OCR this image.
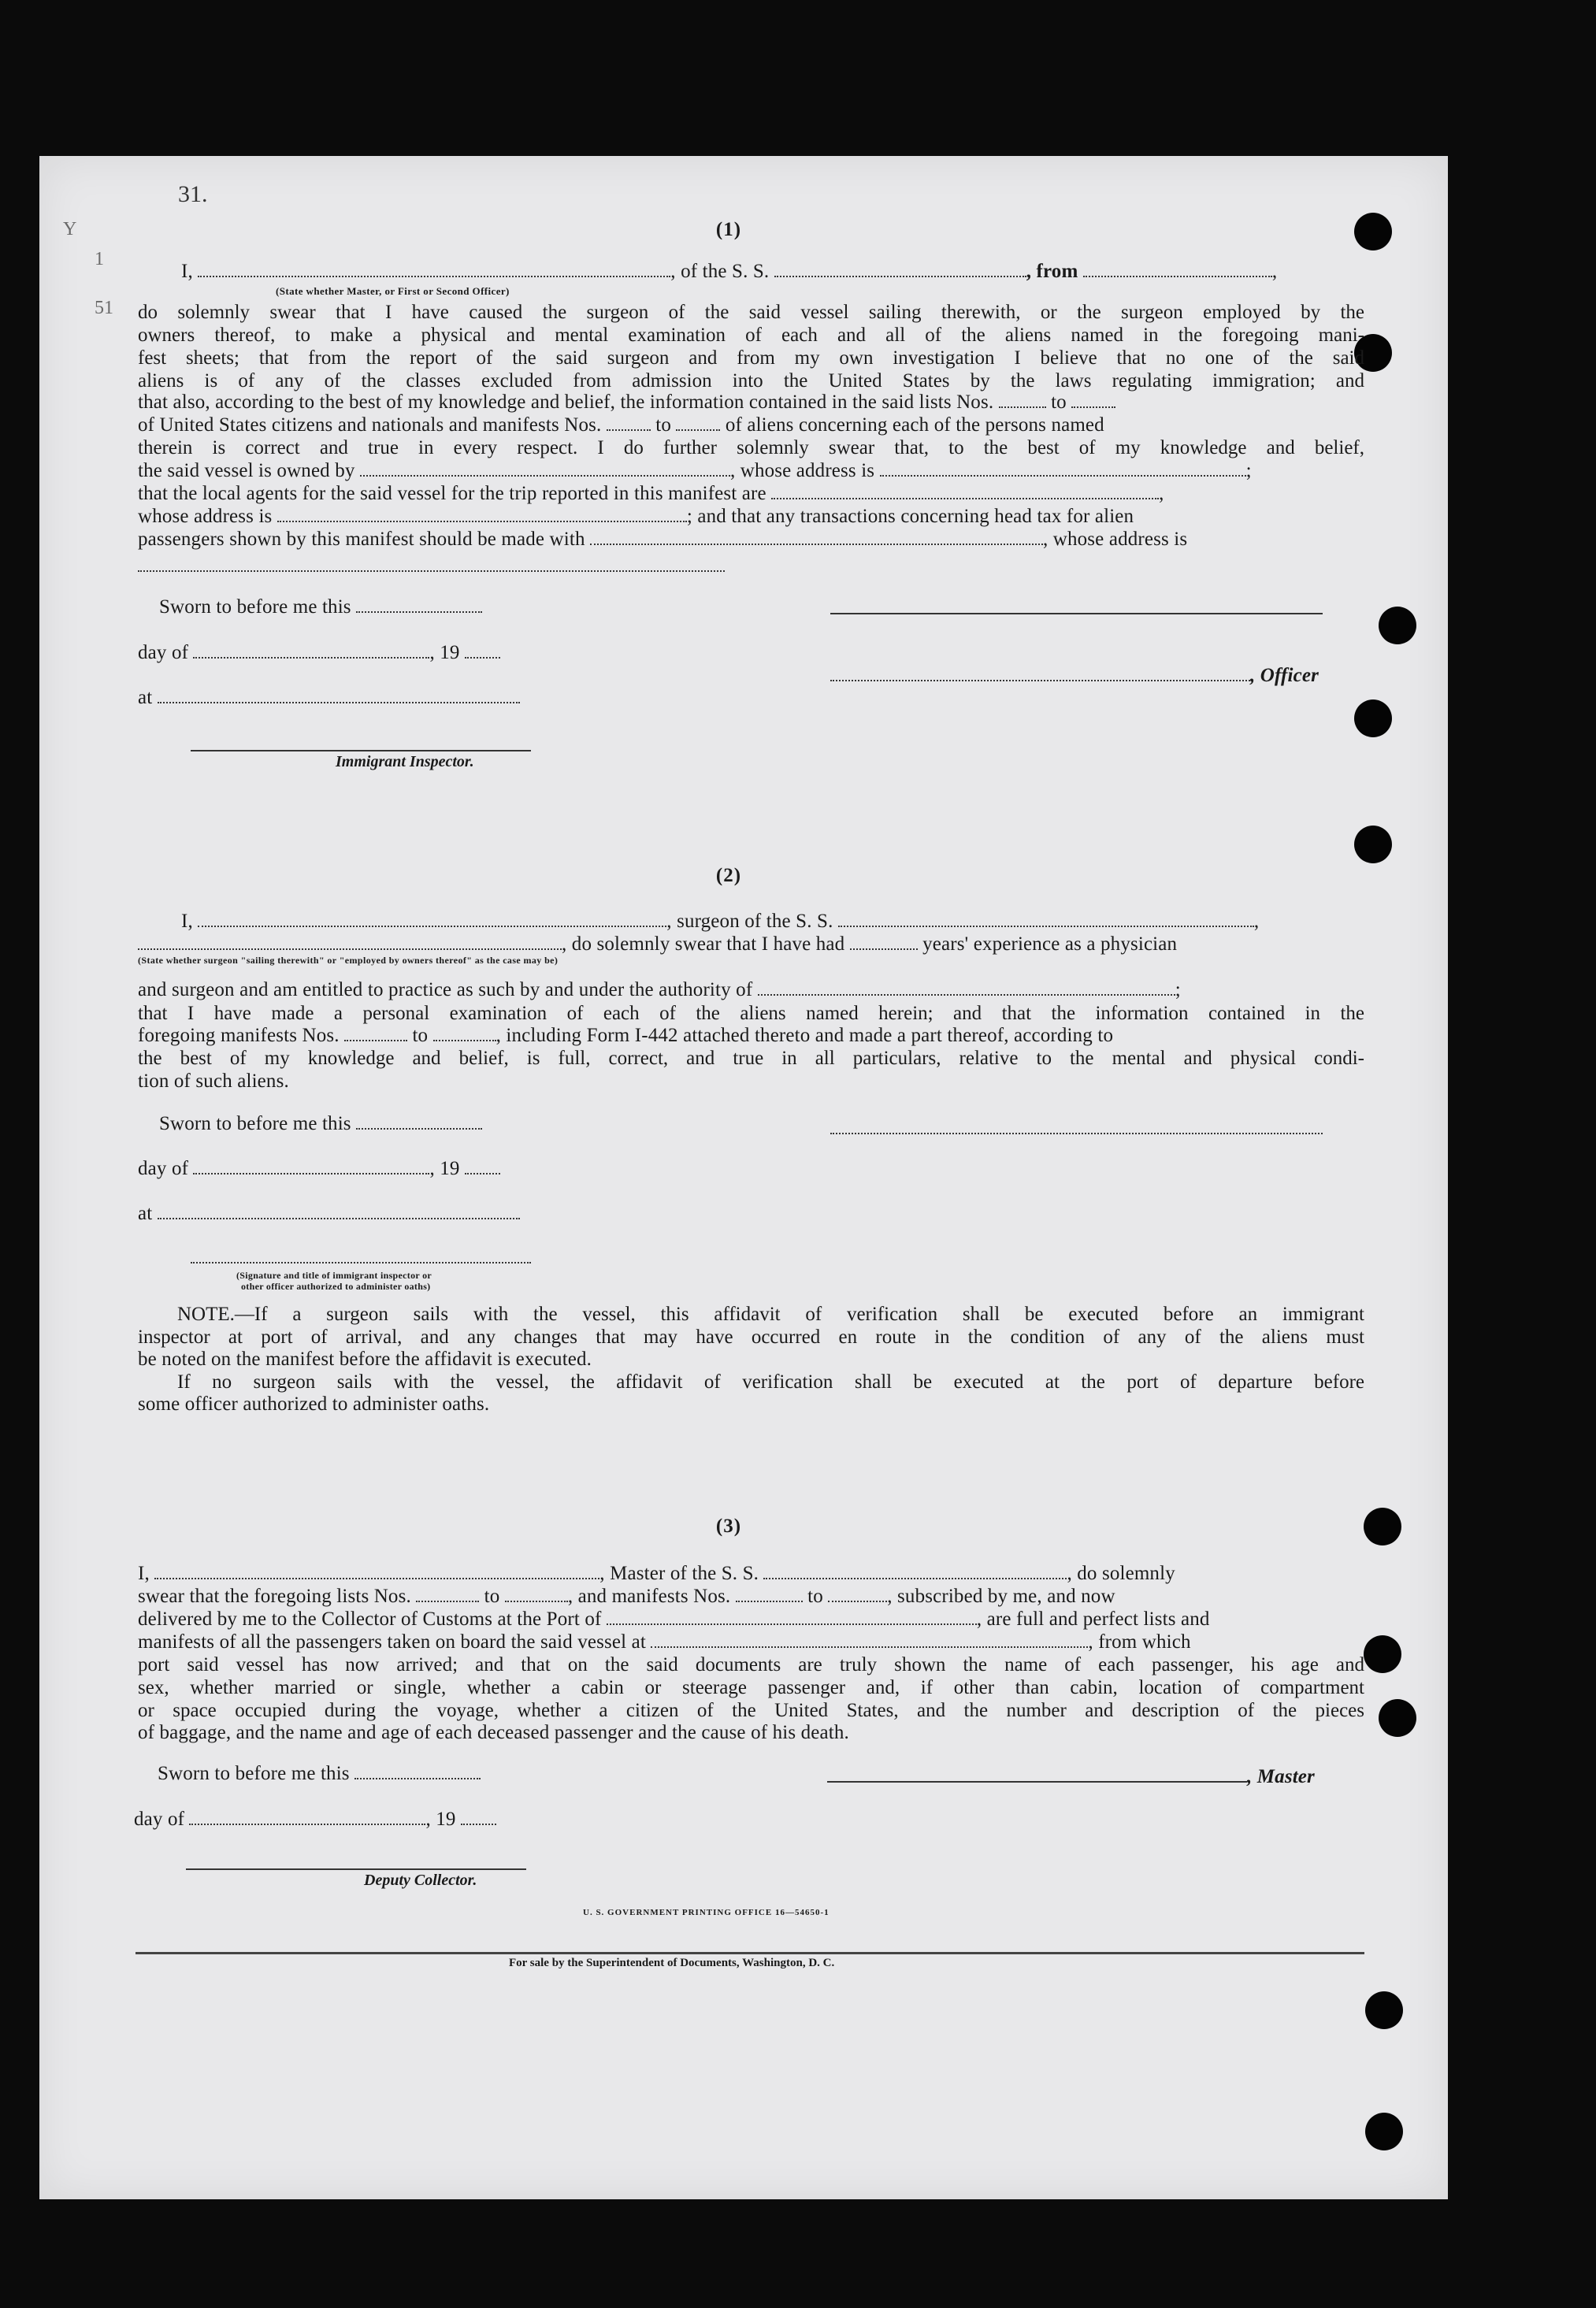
31.
Y
1
51
(1)
I,	, of the S. S.	, from	,
(State whether Master, or First or Second Officer)
do solemnly swear that I have caused the surgeon of the said vessel sailing therewith, or the surgeon employed by the
owners thereof, to make a physical and mental examination of each and all of the aliens named in the foregoing mani-
fest sheets; that from the report of the said surgeon and from my own investigation I believe that no one of the said
aliens is of any of the classes excluded from admission into the United States by the laws regulating immigration; and
that also, according to the best of my knowledge and belief, the information contained in the said lists Nos.	to
of United States citizens and nationals and manifests Nos.	to	of aliens concerning each of the persons named
therein is correct and true in every respect. I do further solemnly swear that, to the best of my knowledge and belief,
the said vessel is owned by	, whose address is	;
that the local agents for the said vessel for the trip reported in this manifest are	,
whose address is	; and that any transactions concerning head tax for alien
passengers shown by this manifest should be made with	, whose address is
Sworn to before me this
day of	, 19
, Officer
at
Immigrant Inspector.
(2)
I,	, surgeon of the S. S.	,
, do solemnly swear that I have had	years' experience as a physician
(State whether surgeon "sailing therewith" or "employed by owners thereof" as the case may be)
and surgeon and am entitled to practice as such by and under the authority of	;
that I have made a personal examination of each of the aliens named herein; and that the information contained in the
foregoing manifests Nos.	to	, including Form I-442 attached thereto and made a part thereof, according to
the best of my knowledge and belief, is full, correct, and true in all particulars, relative to the mental and physical condi-
tion of such aliens.
Sworn to before me this
day of	, 19
at
(Signature and title of immigrant inspector or
other officer authorized to administer oaths)
NOTE.—If a surgeon sails with the vessel, this affidavit of verification shall be executed before an immigrant
inspector at port of arrival, and any changes that may have occurred en route in the condition of any of the aliens must
be noted on the manifest before the affidavit is executed.
If no surgeon sails with the vessel, the affidavit of verification shall be executed at the port of departure before
some officer authorized to administer oaths.
(3)
I,	, Master of the S. S.	, do solemnly
swear that the foregoing lists Nos.	to	, and manifests Nos.	to	, subscribed by me, and now
delivered by me to the Collector of Customs at the Port of	, are full and perfect lists and
manifests of all the passengers taken on board the said vessel at	, from which
port said vessel has now arrived; and that on the said documents are truly shown the name of each passenger, his age and
sex, whether married or single, whether a cabin or steerage passenger and, if other than cabin, location of compartment
or space occupied during the voyage, whether a citizen of the United States, and the number and description of the pieces
of baggage, and the name and age of each deceased passenger and the cause of his death.
Sworn to before me this	, Master
day of	, 19
Deputy Collector.
U. S. GOVERNMENT PRINTING OFFICE 16—54650-1
For sale by the Superintendent of Documents, Washington, D. C.
